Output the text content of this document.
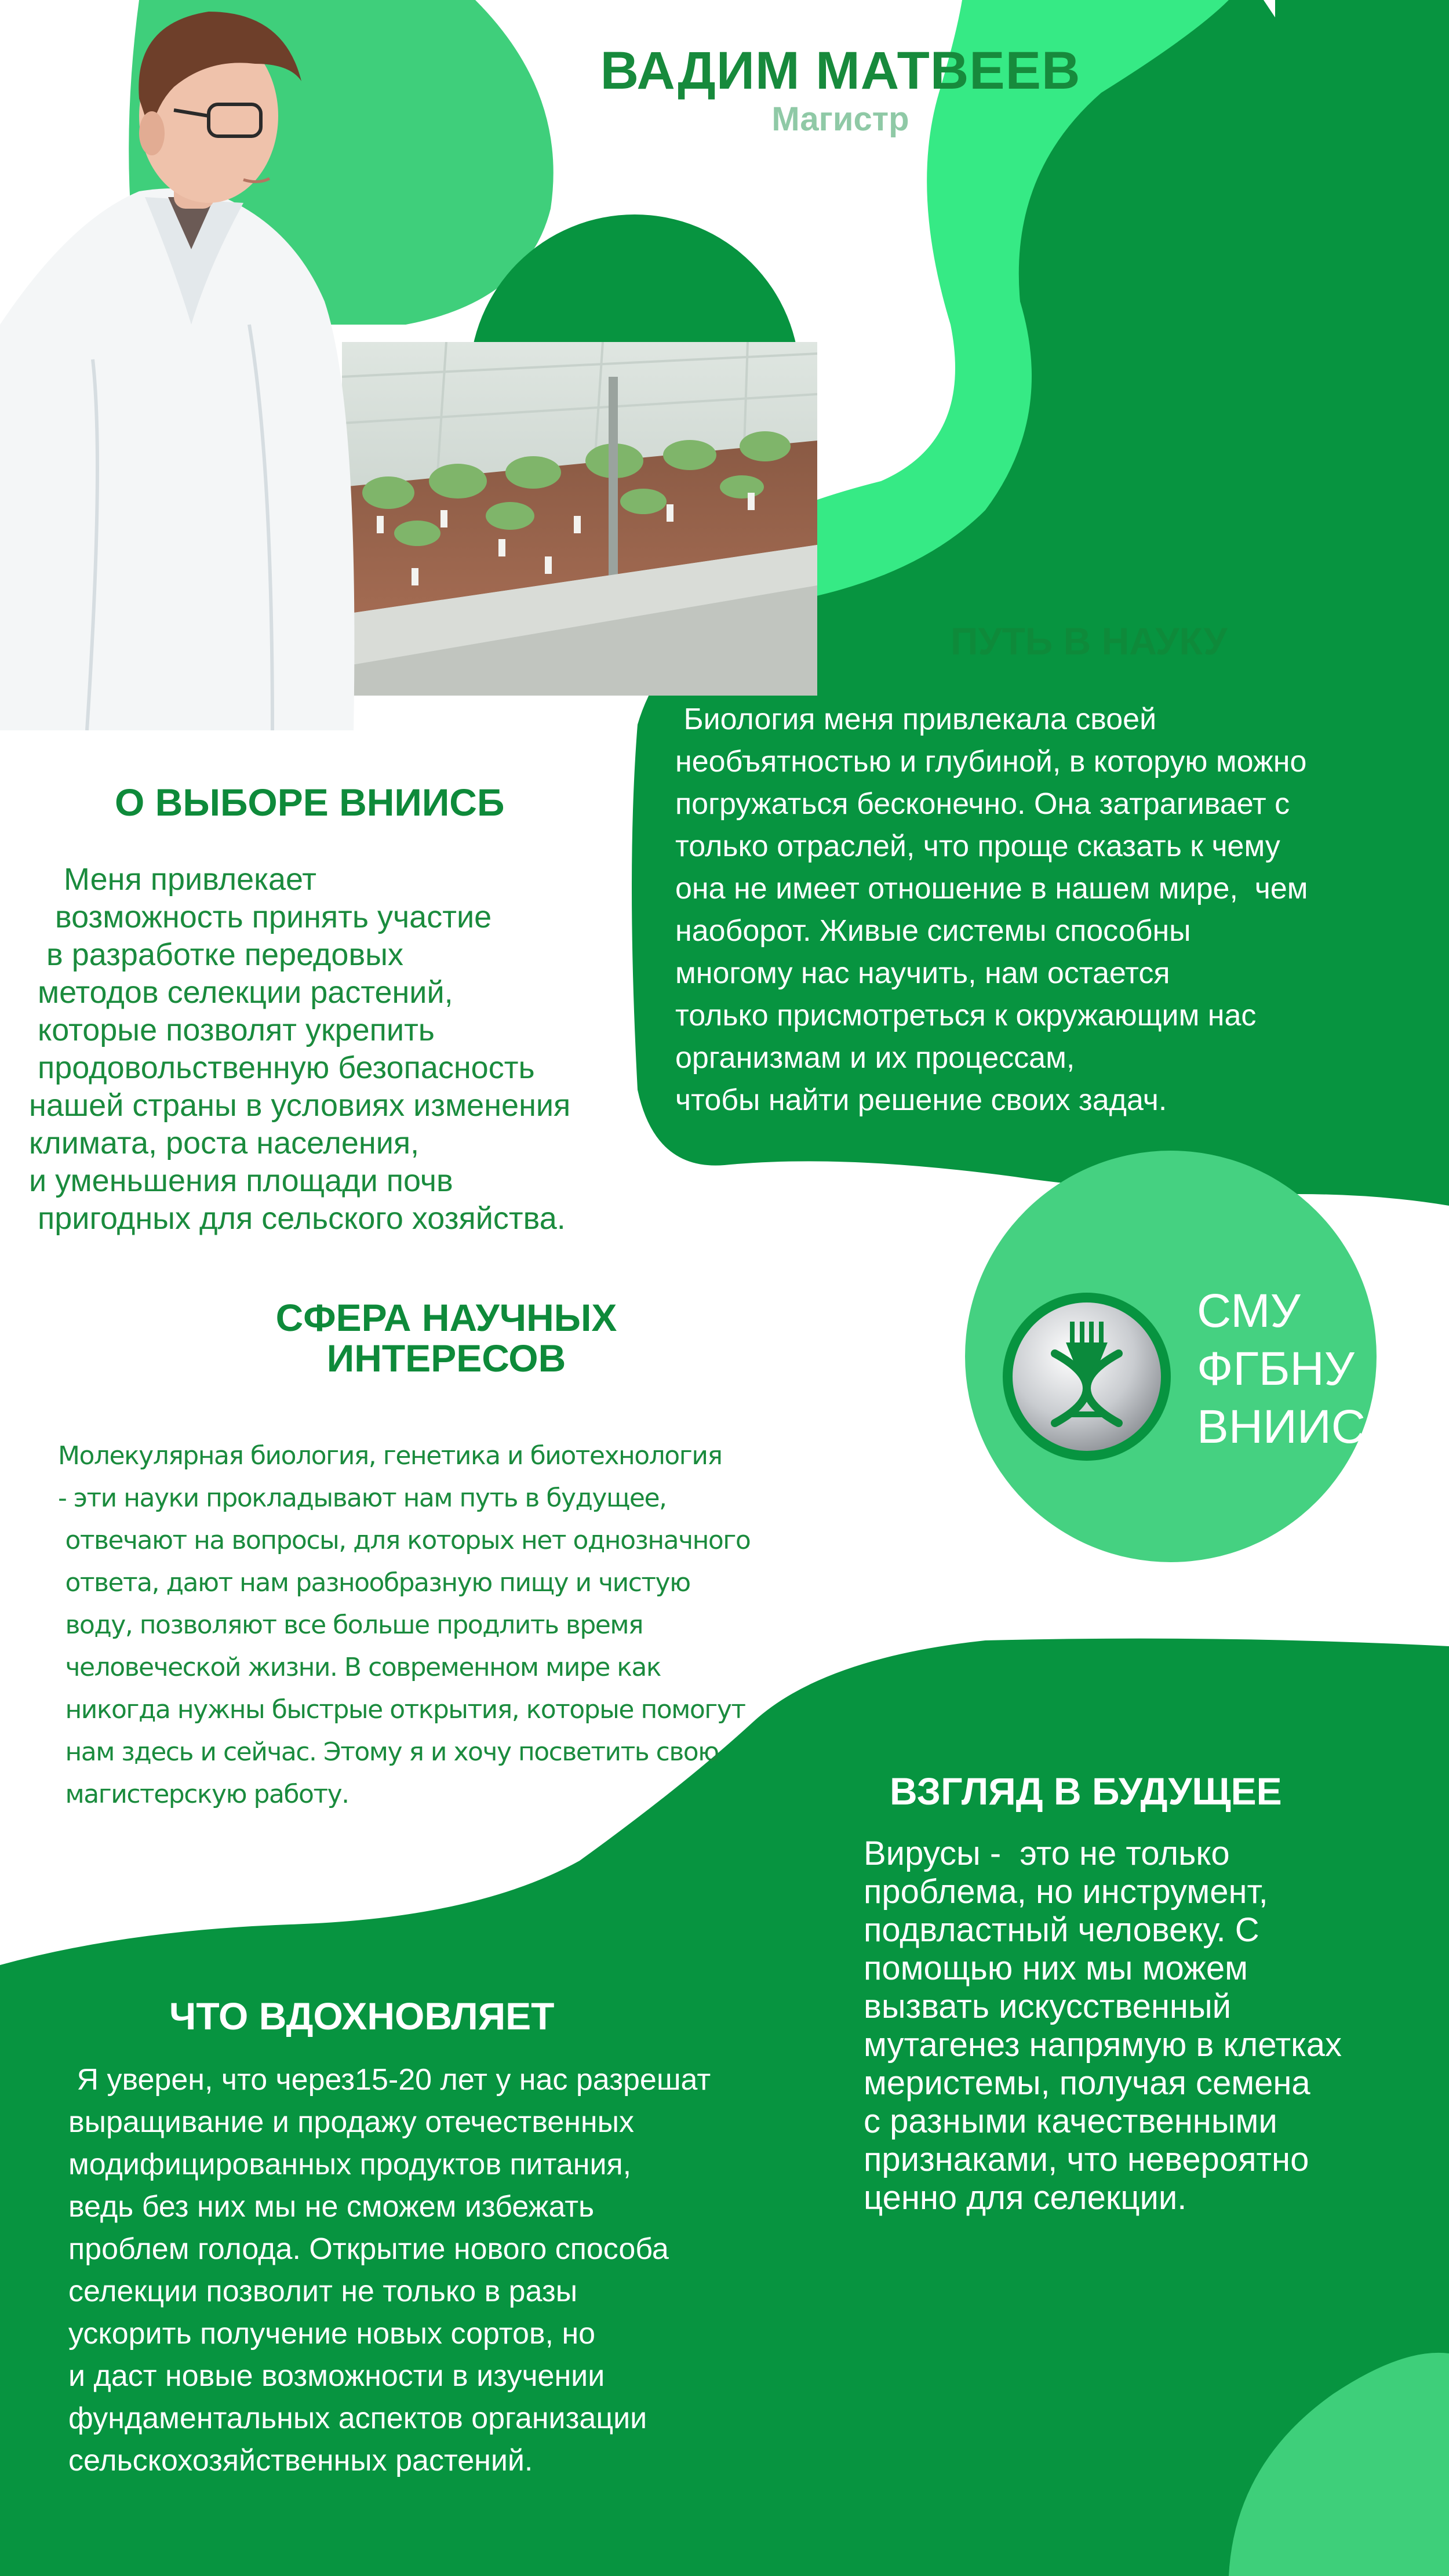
ВАДИМ МАТВЕЕВ
Магистр
ПУТЬ В НАУКУ
Биология меня привлекала своей
необъятностью и глубиной, в которую можно
погружаться бесконечно. Она затрагивает с
только отраслей, что проще сказать к чему
она не имеет отношение в нашем мире,  чем
наоборот. Живые системы способны
многому нас научить, нам остается
только присмотреться к окружающим нас
организмам и их процессам,
чтобы найти решение своих задач.
О ВЫБОРЕ ВНИИСБ
Меня привлекает
возможность принять участие
в разработке передовых
методов селекции растений,
которые позволят укрепить
продовольственную безопасность
нашей страны в условиях изменения
климата, роста населения,
и уменьшения площади почв
пригодных для сельского хозяйства.
СФЕРА НАУЧНЫХ
ИНТЕРЕСОВ
Молекулярная биология, генетика и биотехнология
- эти науки прокладывают нам путь в будущее,
отвечают на вопросы, для которых нет однозначного
ответа, дают нам разнообразную пищу и чистую
воду, позволяют все больше продлить время
человеческой жизни. В современном мире как
никогда нужны быстрые открытия, которые помогут
нам здесь и сейчас. Этому я и хочу посветить свою
магистерскую работу.
СМУ
ФГБНУ
ВНИИСБ
ВЗГЛЯД В БУДУЩЕЕ
Вирусы -  это не только
проблема, но инструмент,
подвластный человеку. С
помощью них мы можем
вызвать искусственный
мутагенез напрямую в клетках
меристемы, получая семена
с разными качественными
признаками, что невероятно
ценно для селекции.
ЧТО ВДОХНОВЛЯЕТ
Я уверен, что через15-20 лет у нас разрешат
выращивание и продажу отечественных
модифицированных продуктов питания,
ведь без них мы не сможем избежать
проблем голода. Открытие нового способа
селекции позволит не только в разы
ускорить получение новых сортов, но
и даст новые возможности в изучении
фундаментальных аспектов организации
сельскохозяйственных растений.
